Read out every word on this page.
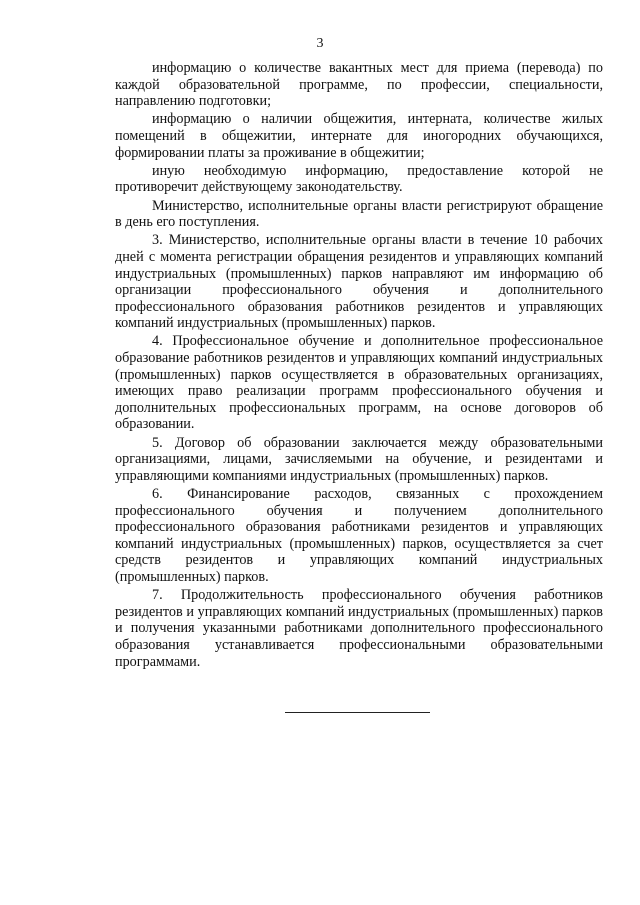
3

информацию о количестве вакантных мест для приема (перевода) по каждой образовательной программе, по профессии, специальности, направлению подготовки;

информацию о наличии общежития, интерната, количестве жилых помещений в общежитии, интернате для иногородних обучающихся, формировании платы за проживание в общежитии;

иную необходимую информацию, предоставление которой не противоречит действующему законодательству.

Министерство, исполнительные органы власти регистрируют обращение в день его поступления.

3. Министерство, исполнительные органы власти в течение 10 рабочих дней с момента регистрации обращения резидентов и управляющих компаний индустриальных (промышленных) парков направляют им информацию об организации профессионального обучения и дополнительного профессионального образования работников резидентов и управляющих компаний индустриальных (промышленных) парков.

4. Профессиональное обучение и дополнительное профессиональное образование работников резидентов и управляющих компаний индустриальных (промышленных) парков осуществляется в образовательных организациях, имеющих право реализации программ профессионального обучения и дополнительных профессиональных программ, на основе договоров об образовании.

5. Договор об образовании заключается между образовательными организациями, лицами, зачисляемыми на обучение, и резидентами и управляющими компаниями индустриальных (промышленных) парков.

6. Финансирование расходов, связанных с прохождением профессионального обучения и получением дополнительного профессионального образования работниками резидентов и управляющих компаний индустриальных (промышленных) парков, осуществляется за счет средств резидентов и управляющих компаний индустриальных (промышленных) парков.

7. Продолжительность профессионального обучения работников резидентов и управляющих компаний индустриальных (промышленных) парков и получения указанными работниками дополнительного профессионального образования устанавливается профессиональными образовательными программами.
